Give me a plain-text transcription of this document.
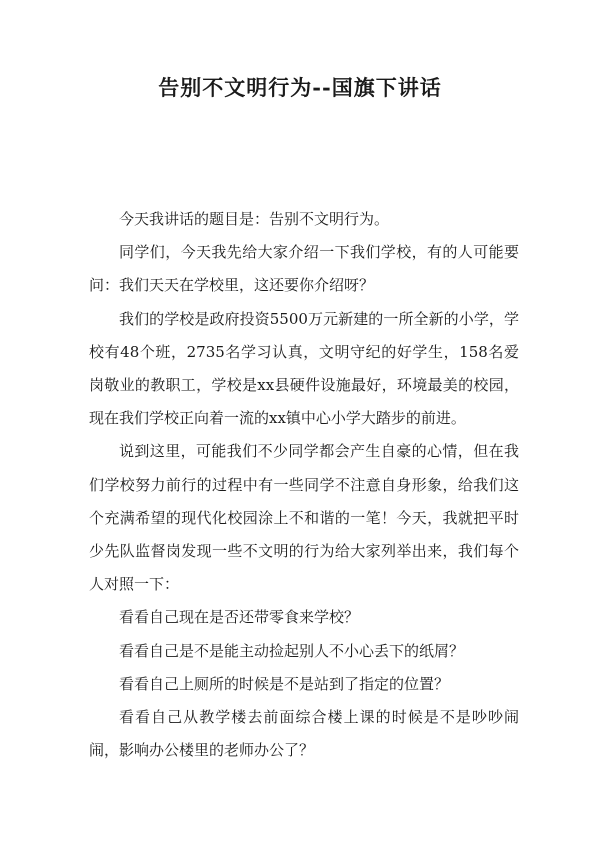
告别不文明行为--国旗下讲话

今天我讲话的题目是：告别不文明行为。

同学们，今天我先给大家介绍一下我们学校，有的人可能要问：我们天天在学校里，这还要你介绍呀？

我们的学校是政府投资5500万元新建的一所全新的小学，学校有48个班，2735名学习认真，文明守纪的好学生，158名爱岗敬业的教职工，学校是xx县硬件设施最好，环境最美的校园，现在我们学校正向着一流的xx镇中心小学大踏步的前进。

说到这里，可能我们不少同学都会产生自豪的心情，但在我们学校努力前行的过程中有一些同学不注意自身形象，给我们这个充满希望的现代化校园涂上不和谐的一笔！今天，我就把平时少先队监督岗发现一些不文明的行为给大家列举出来，我们每个人对照一下：

看看自己现在是否还带零食来学校？

看看自己是不是能主动捡起别人不小心丢下的纸屑？

看看自己上厕所的时候是不是站到了指定的位置？

看看自己从教学楼去前面综合楼上课的时候是不是吵吵闹闹，影响办公楼里的老师办公了？
